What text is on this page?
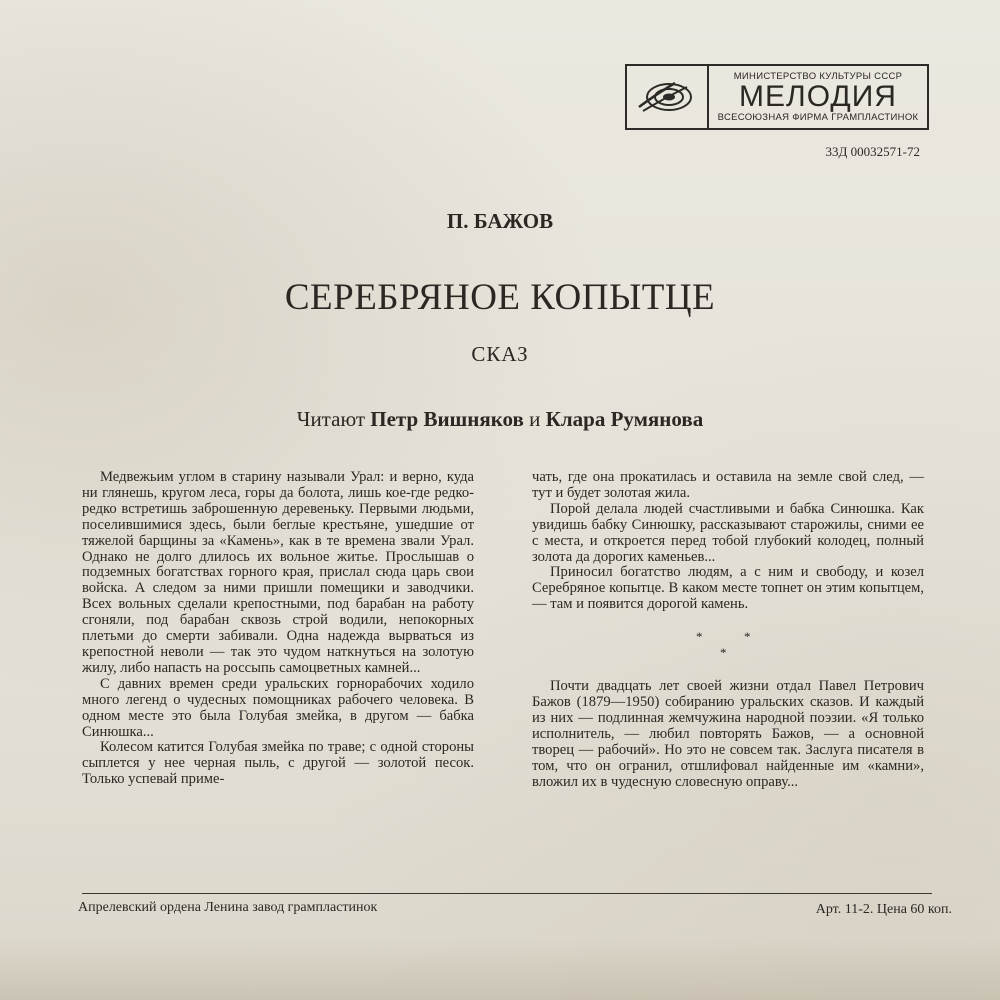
МИНИСТЕРСТВО КУЛЬТУРЫ СССР
МЕЛОДИЯ
ВСЕСОЮЗНАЯ ФИРМА ГРАМПЛАСТИНОК
33Д 00032571-72
П. БАЖОВ
СЕРЕБРЯНОЕ КОПЫТЦЕ
СКАЗ
Читают Петр Вишняков и Клара Румянова

Медвежьим углом в старину называли Урал: и верно, куда ни глянешь, кругом леса, горы да болота, лишь кое-где редко-редко встретишь заброшенную деревеньку. Первыми людьми, поселившимися здесь, были беглые крестьяне, ушедшие от тяжелой барщины за «Камень», как в те времена звали Урал. Однако не долго длилось их вольное житье. Прослышав о подземных богатствах горного края, прислал сюда царь свои войска. А следом за ними пришли помещики и заводчики. Всех вольных сделали крепостными, под барабан на работу сгоняли, под барабан сквозь строй водили, непокорных плетьми до смерти забивали. Одна надежда вырваться из крепостной неволи — так это чудом наткнуться на золотую жилу, либо напасть на россыпь самоцветных камней...

С давних времен среди уральских горнорабочих ходило много легенд о чудесных помощниках рабочего человека. В одном месте это была Голубая змейка, в другом — бабка Синюшка...

Колесом катится Голубая змейка по траве; с одной стороны сыплется у нее черная пыль, с другой — золотой песок. Только успевай приме-

чать, где она прокатилась и оставила на земле свой след, — тут и будет золотая жила.

Порой делала людей счастливыми и бабка Синюшка. Как увидишь бабку Синюшку, рассказывают старожилы, сними ее с места, и откроется перед тобой глубокий колодец, полный золота да дорогих каменьев...

Приносил богатство людям, а с ним и свободу, и козел Серебряное копытце. В каком месте топнет он этим копытцем, — там и появится дорогой камень.

*	*
*

Почти двадцать лет своей жизни отдал Павел Петрович Бажов (1879—1950) собиранию уральских сказов. И каждый из них — подлинная жемчужина народной поэзии. «Я только исполнитель, — любил повторять Бажов, — а основной творец — рабочий». Но это не совсем так. Заслуга писателя в том, что он огранил, отшлифовал найденные им «камни», вложил их в чудесную словесную оправу...

Апрелевский ордена Ленина завод грампластинок	Арт. 11-2. Цена 60 коп.
